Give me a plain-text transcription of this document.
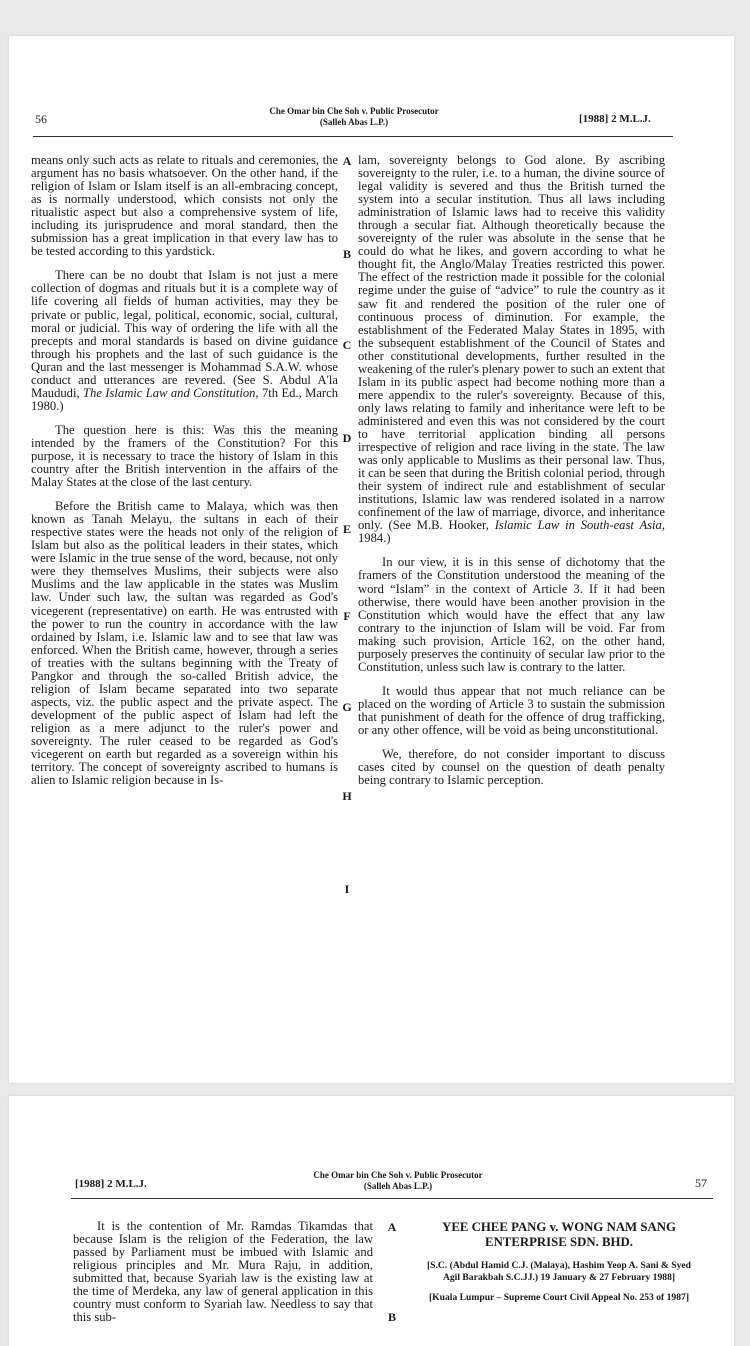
56
Che Omar bin Che Soh v. Public Prosecutor
(Salleh Abas L.P.)	[1988] 2 M.L.J.

means only such acts as relate to rituals and ceremonies, the argument has no basis whatsoever. On the other hand, if the religion of Islam or Islam itself is an all-embracing concept, as is normally understood, which consists not only the ritualistic aspect but also a comprehensive system of life, including its jurisprudence and moral standard, then the submission has a great implication in that every law has to be tested according to this yardstick.

There can be no doubt that Islam is not just a mere collection of dogmas and rituals but it is a complete way of life covering all fields of human activities, may they be private or public, legal, political, economic, social, cultural, moral or judicial. This way of ordering the life with all the precepts and moral standards is based on divine guidance through his prophets and the last of such guidance is the Quran and the last messenger is Mohammad S.A.W. whose conduct and utterances are revered. (See S. Abdul A'la Maududi, The Islamic Law and Constitution, 7th Ed., March 1980.)

The question here is this: Was this the meaning intended by the framers of the Constitution? For this purpose, it is necessary to trace the history of Islam in this country after the British intervention in the affairs of the Malay States at the close of the last century.

Before the British came to Malaya, which was then known as Tanah Melayu, the sultans in each of their respective states were the heads not only of the religion of Islam but also as the political leaders in their states, which were Islamic in the true sense of the word, because, not only were they themselves Muslims, their subjects were also Muslims and the law applicable in the states was Muslim law. Under such law, the sultan was regarded as God's vicegerent (representative) on earth. He was entrusted with the power to run the country in accordance with the law ordained by Islam, i.e. Islamic law and to see that law was enforced. When the British came, however, through a series of treaties with the sultans beginning with the Treaty of Pangkor and through the so-called British advice, the religion of Islam became separated into two separate aspects, viz. the public aspect and the private aspect. The development of the public aspect of Islam had left the religion as a mere adjunct to the ruler's power and sovereignty. The ruler ceased to be regarded as God's vicegerent on earth but regarded as a sovereign within his territory. The concept of sovereignty ascribed to humans is alien to Islamic religion because in Is-

lam, sovereignty belongs to God alone. By ascribing sovereignty to the ruler, i.e. to a human, the divine source of legal validity is severed and thus the British turned the system into a secular institution. Thus all laws including administration of Islamic laws had to receive this validity through a secular fiat. Although theoretically because the sovereignty of the ruler was absolute in the sense that he could do what he likes, and govern according to what he thought fit, the Anglo/Malay Treaties restricted this power. The effect of the restriction made it possible for the colonial regime under the guise of “advice” to rule the country as it saw fit and rendered the position of the ruler one of continuous process of diminution. For example, the establishment of the Federated Malay States in 1895, with the subsequent establishment of the Council of States and other constitutional developments, further resulted in the weakening of the ruler's plenary power to such an extent that Islam in its public aspect had become nothing more than a mere appendix to the ruler's sovereignty. Because of this, only laws relating to family and inheritance were left to be administered and even this was not considered by the court to have territorial application binding all persons irrespective of religion and race living in the state. The law was only applicable to Muslims as their personal law. Thus, it can be seen that during the British colonial period, through their system of indirect rule and establishment of secular institutions, Islamic law was rendered isolated in a narrow confinement of the law of marriage, divorce, and inheritance only. (See M.B. Hooker, Islamic Law in South-east Asia, 1984.)

In our view, it is in this sense of dichotomy that the framers of the Constitution understood the meaning of the word “Islam” in the context of Article 3. If it had been otherwise, there would have been another provision in the Constitution which would have the effect that any law contrary to the injunction of Islam will be void. Far from making such provision, Article 162, on the other hand, purposely preserves the continuity of secular law prior to the Constitution, unless such law is contrary to the latter.

It would thus appear that not much reliance can be placed on the wording of Article 3 to sustain the submission that punishment of death for the offence of drug trafficking, or any other offence, will be void as being unconstitutional.

We, therefore, do not consider important to discuss cases cited by counsel on the question of death penalty being contrary to Islamic perception.

A
B
C
D
E
F
G
H
I
[1988] 2 M.L.J.
Che Omar bin Che Soh v. Public Prosecutor
(Salleh Abas L.P.)	57

It is the contention of Mr. Ramdas Tikamdas that because Islam is the religion of the Federation, the law passed by Parliament must be imbued with Islamic and religious principles and Mr. Mura Raju, in addition, submitted that, because Syariah law is the existing law at the time of Merdeka, any law of general application in this country must conform to Syariah law. Needless to say that this sub-

YEE CHEE PANG v. WONG NAM SANG ENTERPRISE SDN. BHD.
[S.C. (Abdul Hamid C.J. (Malaya), Hashim Yeop A. Sani & Syed Agil Barakbah S.C.JJ.) 19 January & 27 February 1988]
[Kuala Lumpur – Supreme Court Civil Appeal No. 253 of 1987]
A
B
